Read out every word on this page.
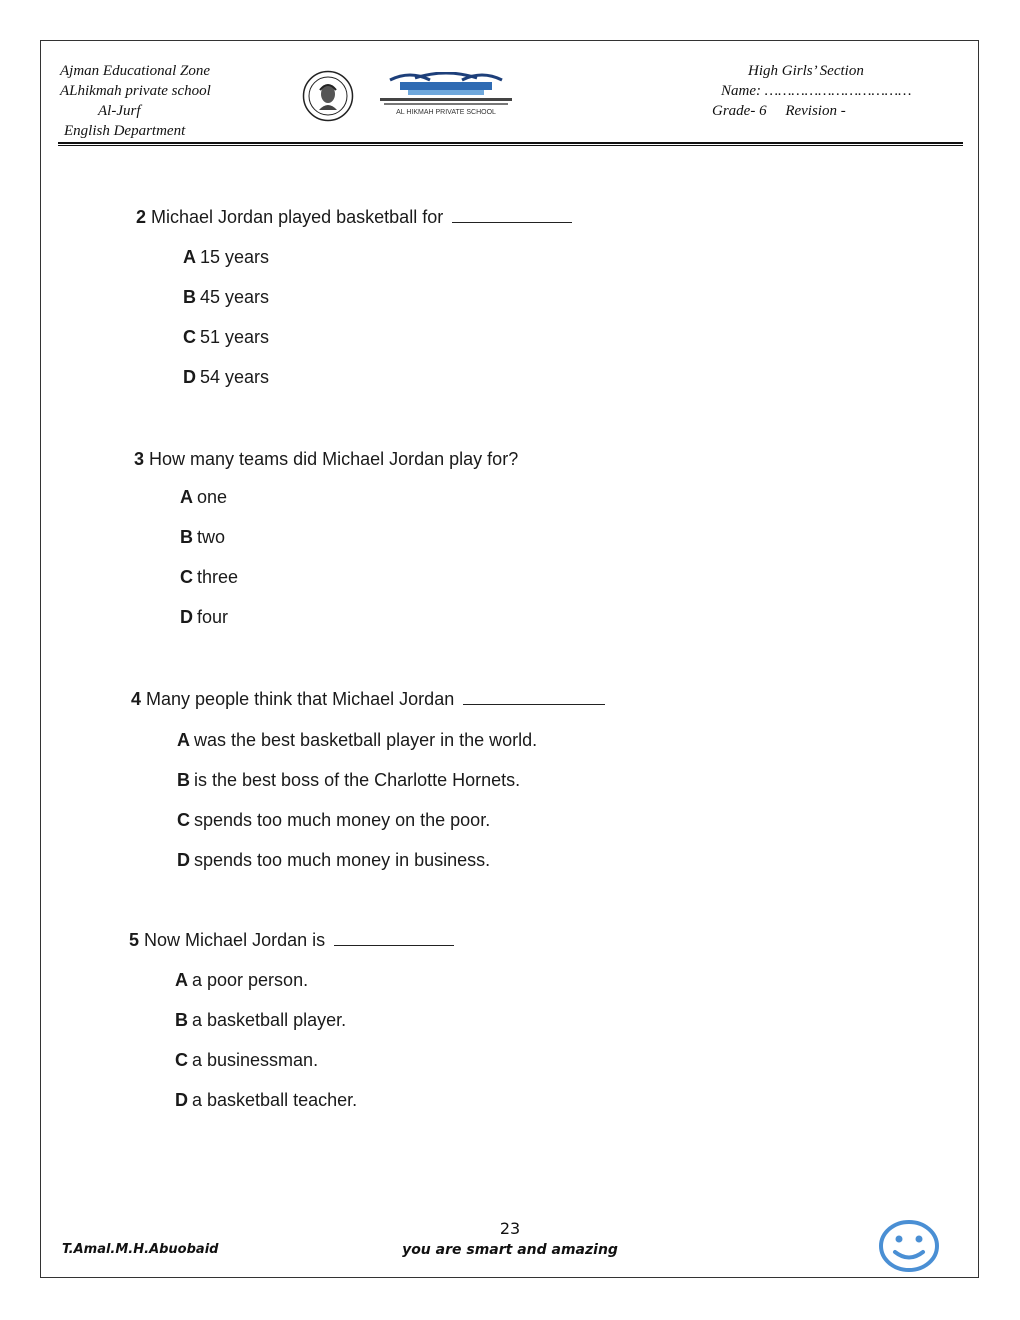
Ajman Educational Zone
ALhikmah private school
Al-Jurf
English Department
AL HIKMAH PRIVATE SCHOOL
High Girls’ Section
Name: ……………………………
Grade- 6 Revision -
2 Michael Jordan played basketball for
A 15 years
B 45 years
C 51 years
D 54 years
3 How many teams did Michael Jordan play for?
A one
B two
C three
D four
4 Many people think that Michael Jordan
A was the best basketball player in the world.
B is the best boss of the Charlotte Hornets.
C spends too much money on the poor.
D spends too much money in business.
5 Now Michael Jordan is
A a poor person.
B a basketball player.
C a businessman.
D a basketball teacher.
23
T.Amal.M.H.Abuobaid	you are smart and amazing
